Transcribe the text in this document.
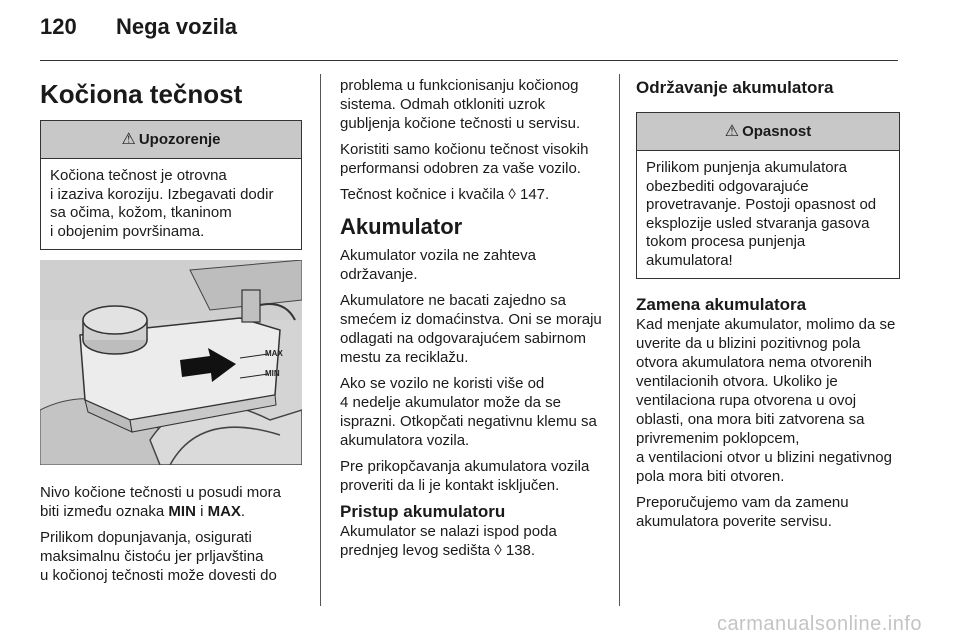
120 Nega vozila
Kočiona tečnost
⚠ Upozorenje
Kočiona tečnost je otrovna
i izaziva koroziju. Izbegavati dodir sa očima, kožom, tkaninom
i obojenim površinama.
MAX
MIN

Nivo kočione tečnosti u posudi mora biti između oznaka MIN i MAX.

Prilikom dopunjavanja, osigurati maksimalnu čistoću jer prljavština
u kočionoj tečnosti može dovesti do

problema u funkcionisanju kočionog sistema. Odmah otkloniti uzrok gubljenja kočione tečnosti u servisu.

Koristiti samo kočionu tečnost visokih performansi odobren za vaše vozilo.

Tečnost kočnice i kvačila ◊ 147.

Akumulator

Akumulator vozila ne zahteva održavanje.

Akumulatore ne bacati zajedno sa smećem iz domaćinstva. Oni se moraju odlagati na odgovarajućem sabirnom mestu za reciklažu.

Ako se vozilo ne koristi više od
4 nedelje akumulator može da se isprazni. Otkopčati negativnu klemu sa akumulatora vozila.

Pre prikopčavanja akumulatora vozila proveriti da li je kontakt isključen.

Pristup akumulatoru

Akumulator se nalazi ispod poda prednjeg levog sedišta ◊ 138.

Održavanje akumulatora
⚠ Opasnost
Prilikom punjenja akumulatora obezbediti odgovarajuće provetravanje. Postoji opasnost od eksplozije usled stvaranja gasova tokom procesa punjenja akumulatora!
Zamena akumulatora

Kad menjate akumulator, molimo da se uverite da u blizini pozitivnog pola otvora akumulatora nema otvorenih ventilacionih otvora. Ukoliko je ventilaciona rupa otvorena u ovoj oblasti, ona mora biti zatvorena sa privremenim poklopcem,
a ventilacioni otvor u blizini negativnog pola mora biti otvoren.

Preporučujemo vam da zamenu akumulatora poverite servisu.

carmanualsonline.info
